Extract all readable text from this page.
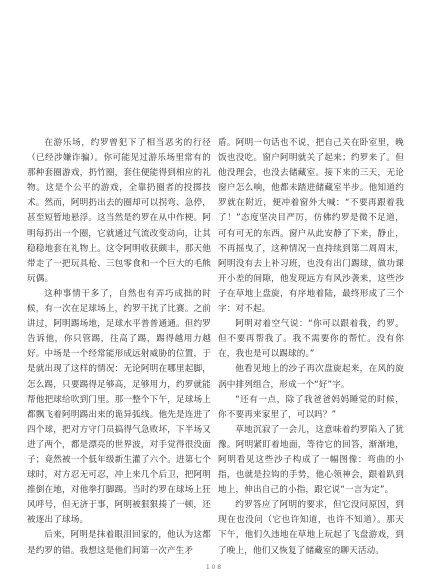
在游乐场，约罗曾犯下了相当恶劣的行径（已经涉嫌诈骗）。你可能见过游乐场里常有的那种套圈游戏，扔竹圈，套住便能得到相应的礼物。这是个公平的游戏，全靠扔圈者的投掷技术。然而，阿明扔出去的圈却可以拐弯、急停，甚至短暂地悬浮。这当然是约罗在从中作梗。阿明每扔出一个圈，它就通过气流改变动向，让其稳稳地套在礼物上。这令阿明收获颇丰，那天他带走了一把玩具枪、三包零食和一个巨大的毛熊玩偶。

这种事情干多了，自然也有弄巧成拙的时候，有一次在足球场上，约罗干扰了比赛。之前讲过，阿明踢场地，足球水平普普通通。但约罗告诉他，你只管踢，往高了踢，踢得越用力越好。中场是一个经常能形成远射威胁的位置，于是就出现了这样的情况：无论阿明在哪里起脚，怎么踢，只要踢得足够高，足够用力，约罗就能帮他把球给吹到门里。那一整个下午，足球场上都飘飞着阿明踢出来的诡异弧线。他先是连进了四个球，把对方守门员搞得气急败坏，下半场又进了两个，都是漂亮的世界波，对手觉得很没面子；竟然被一个低年级新生灌了六个。进第七个球时，对方忍无可忍，冲上来几个后卫，把阿明推倒在地，对他拳打脚踢。当时约罗在球场上狂风呼号，但无济于事，阿明被狠狠揍了一顿，还被逐出了球场。

后来，阿明是抹着眼泪回家的，他认为这都是约罗的错。我想这是他们间第一次产生矛

盾。阿明一句话也不说，把自己关在卧室里，晚饭也没吃。窗户阿明就关了起来；约罗来了。但他没理会，也没去储藏室。接下来的三天，无论窗户怎么响，他都未踏进储藏室半步。他知道约罗就在附近，便冲着窗外大喊：“不要再跟着我了！”态度坚决目严厉，仿佛约罗是微不足道，可有可无的东西。窗户从此安静了下来，静止，不再摇曳了，这种情况一直持续到第二周周末，阿明没有去上补习班，也没有出门踢球，做功课开小差的间隙，他发现远方有风沙袭来，这些沙子在草地上盘旋，有序地着陆，最终形成了三个字：对不起。

阿明对着空气说：“你可以跟着我，约罗。但不要再帮我了。我不需要你的帮忙。没有你在，我也是可以踢球的。”

他看见地上的沙子再次盘旋起来，在风的旋涡中排列组合，形成一个“好”字。

“还有一点，除了我爸爸妈妈睡觉的时候，你不要再来家里了，可以吗？”

草地沉寂了一会儿，这意味着约罗陷入了犹豫。阿明紧盯着地面，等待它的回答，渐渐地，阿明看见这些沙子构成了一幅图像：弯曲的小指，也就是拉钩的手势，他心领神会，跟着趴到地上，伸出自己的小指，跟它说“一言为定”。

约罗答应了阿明的要求，但它没问原因，到现在也没问（它也许知道，也许不知道）。那天下午，他们久违地在草地上玩起了飞盘游戏，到了晚上，他们又恢复了储藏室的聊天活动。

1 0 8
